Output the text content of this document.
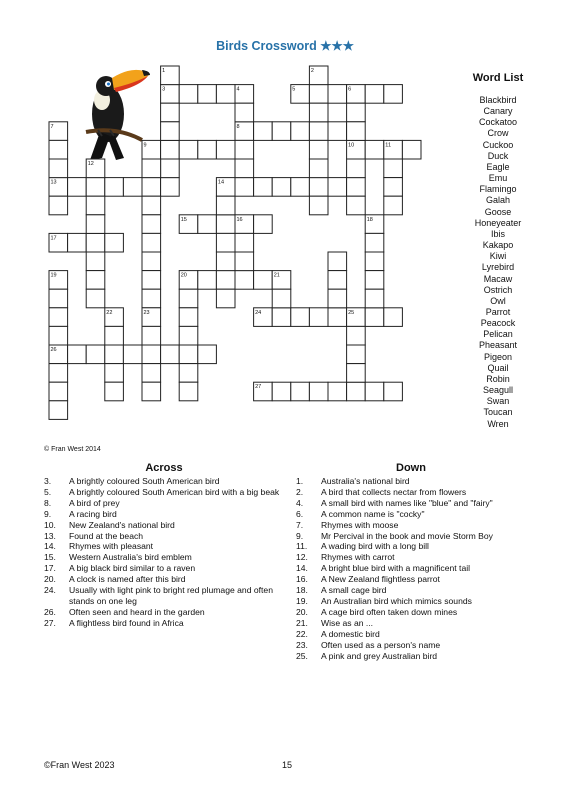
Birds Crossword ★★★
1	2
3	4	5	6
7	8
9	10	11
12
13	14
15	16
17
18
19	20	21
22	23	24	25
26
27
Word List
Blackbird
Canary
Cockatoo
Crow
Cuckoo
Duck
Eagle
Emu
Flamingo
Galah
Goose
Honeyeater
Ibis
Kakapo
Kiwi
Lyrebird
Macaw
Ostrich
Owl
Parrot
Peacock
Pelican
Pheasant
Pigeon
Quail
Robin
Seagull
Swan
Toucan
Wren
© Fran West 2014
Across
3.	A brightly coloured South American bird
5.	A brightly coloured South American bird with a big beak
8.	A bird of prey
9.	A racing bird
10.	New Zealand's national bird
13.	Found at the beach
14.	Rhymes with pleasant
15.	Western Australia's bird emblem
17.	A big black bird similar to a raven
20.	A clock is named after this bird
24.	Usually with light pink to bright red plumage and often stands on one leg
26.	Often seen and heard in the garden
27.	A flightless bird found in Africa
Down
1.	Australia's national bird
2.	A bird that collects nectar from flowers
4.	A small bird with names like "blue" and "fairy"
6.	A common name is "cocky"
7.	Rhymes with moose
9.	Mr Percival in the book and movie Storm Boy
11.	A wading bird with a long bill
12.	Rhymes with carrot
14.	A bright blue bird with a magnificent tail
16.	A New Zealand flightless parrot
18.	A small cage bird
19.	An Australian bird which mimics sounds
20.	A cage bird often taken down mines
21.	Wise as an ...
22.	A domestic bird
23.	Often used as a person's name
25.	A pink and grey Australian bird
©Fran West 2023	15
